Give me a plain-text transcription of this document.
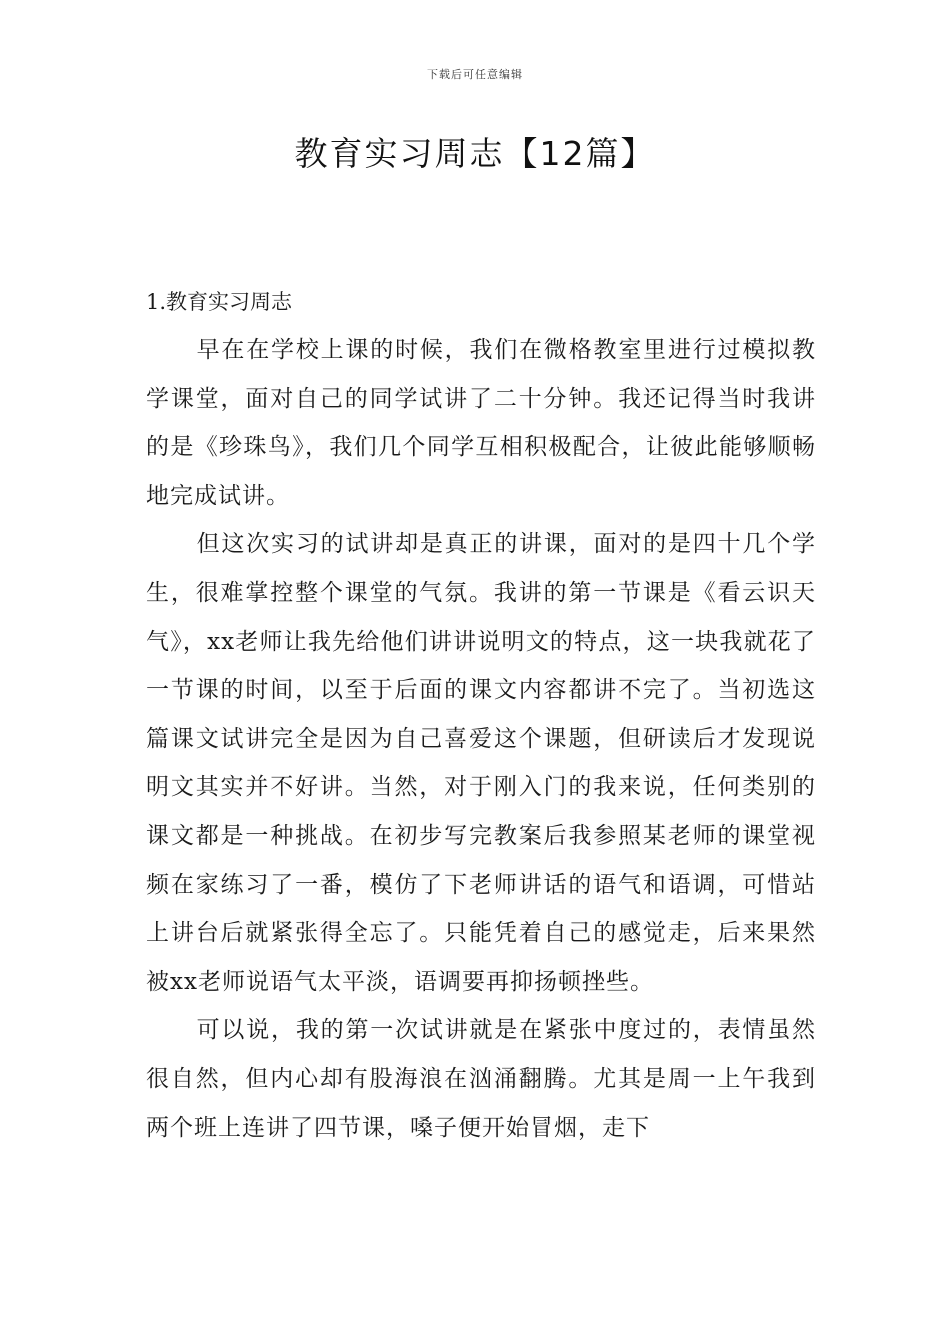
下载后可任意编辑
教育实习周志【12篇】

1.教育实习周志

早在在学校上课的时候，我们在微格教室里进行过模拟教学课堂，面对自己的同学试讲了二十分钟。我还记得当时我讲的是《珍珠鸟》，我们几个同学互相积极配合，让彼此能够顺畅地完成试讲。

但这次实习的试讲却是真正的讲课，面对的是四十几个学生，很难掌控整个课堂的气氛。我讲的第一节课是《看云识天气》，xx老师让我先给他们讲讲说明文的特点，这一块我就花了一节课的时间，以至于后面的课文内容都讲不完了。当初选这篇课文试讲完全是因为自己喜爱这个课题，但研读后才发现说明文其实并不好讲。当然，对于刚入门的我来说，任何类别的课文都是一种挑战。在初步写完教案后我参照某老师的课堂视频在家练习了一番，模仿了下老师讲话的语气和语调，可惜站上讲台后就紧张得全忘了。只能凭着自己的感觉走，后来果然被xx老师说语气太平淡，语调要再抑扬顿挫些。

可以说，我的第一次试讲就是在紧张中度过的，表情虽然很自然，但内心却有股海浪在汹涌翻腾。尤其是周一上午我到两个班上连讲了四节课，嗓子便开始冒烟，走下
